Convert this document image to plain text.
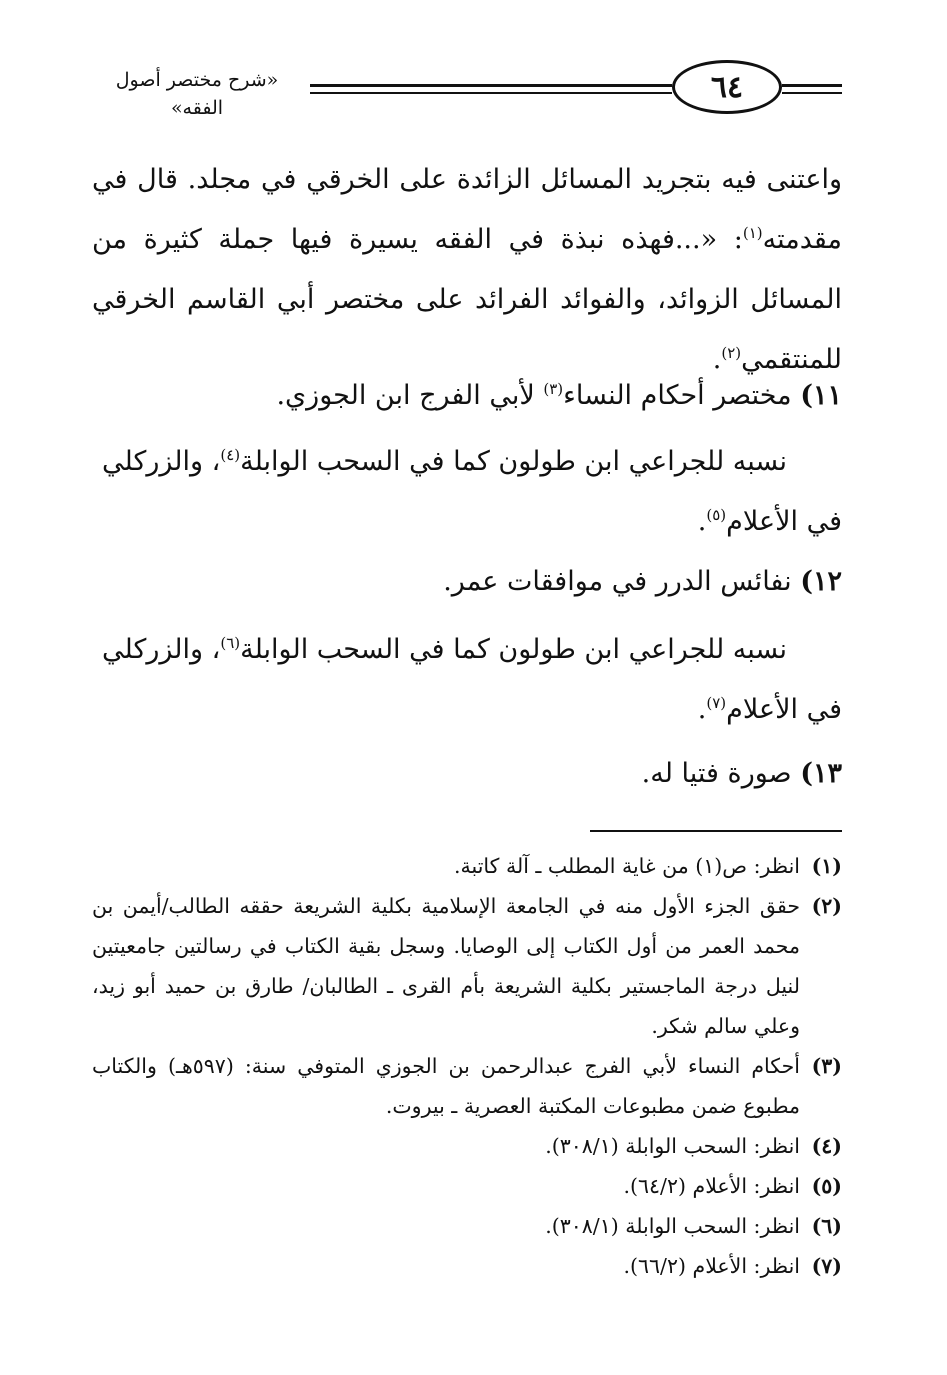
«شرح مختصر أصول الفقه»
٦٤
واعتنى فيه بتجريد المسائل الزائدة على الخرقي في مجلد. قال في مقدمته$^{(١)}$: «...فهذه نبذة في الفقه يسيرة فيها جملة كثيرة من المسائل الزوائد، والفوائد الفرائد على مختصر أبي القاسم الخرقي للمنتقمي$^{(٢)}$.
١١) مختصر أحكام النساء$^{(٣)}$ لأبي الفرج ابن الجوزي.
نسبه للجراعي ابن طولون كما في السحب الوابلة$^{(٤)}$، والزركلي في الأعلام$^{(٥)}$.
١٢) نفائس الدرر في موافقات عمر.
نسبه للجراعي ابن طولون كما في السحب الوابلة$^{(٦)}$، والزركلي في الأعلام$^{(٧)}$.
١٣) صورة فتيا له.
(١)
انظر: ص(١) من غاية المطلب ـ آلة كاتبة.
(٢)
حقق الجزء الأول منه في الجامعة الإسلامية بكلية الشريعة حققه الطالب/أيمن بن محمد العمر من أول الكتاب إلى الوصايا. وسجل بقية الكتاب في رسالتين جامعيتين لنيل درجة الماجستير بكلية الشريعة بأم القرى ـ الطالبان/ طارق بن حميد أبو زيد، وعلي سالم شكر.
(٣)
أحكام النساء لأبي الفرج عبدالرحمن بن الجوزي المتوفي سنة: (٥٩٧هـ) والكتاب مطبوع ضمن مطبوعات المكتبة العصرية ـ بيروت.
(٤)
انظر: السحب الوابلة (٣٠٨/١).
(٥)
انظر: الأعلام (٦٤/٢).
(٦)
انظر: السحب الوابلة (٣٠٨/١).
(٧)
انظر: الأعلام (٦٦/٢).
